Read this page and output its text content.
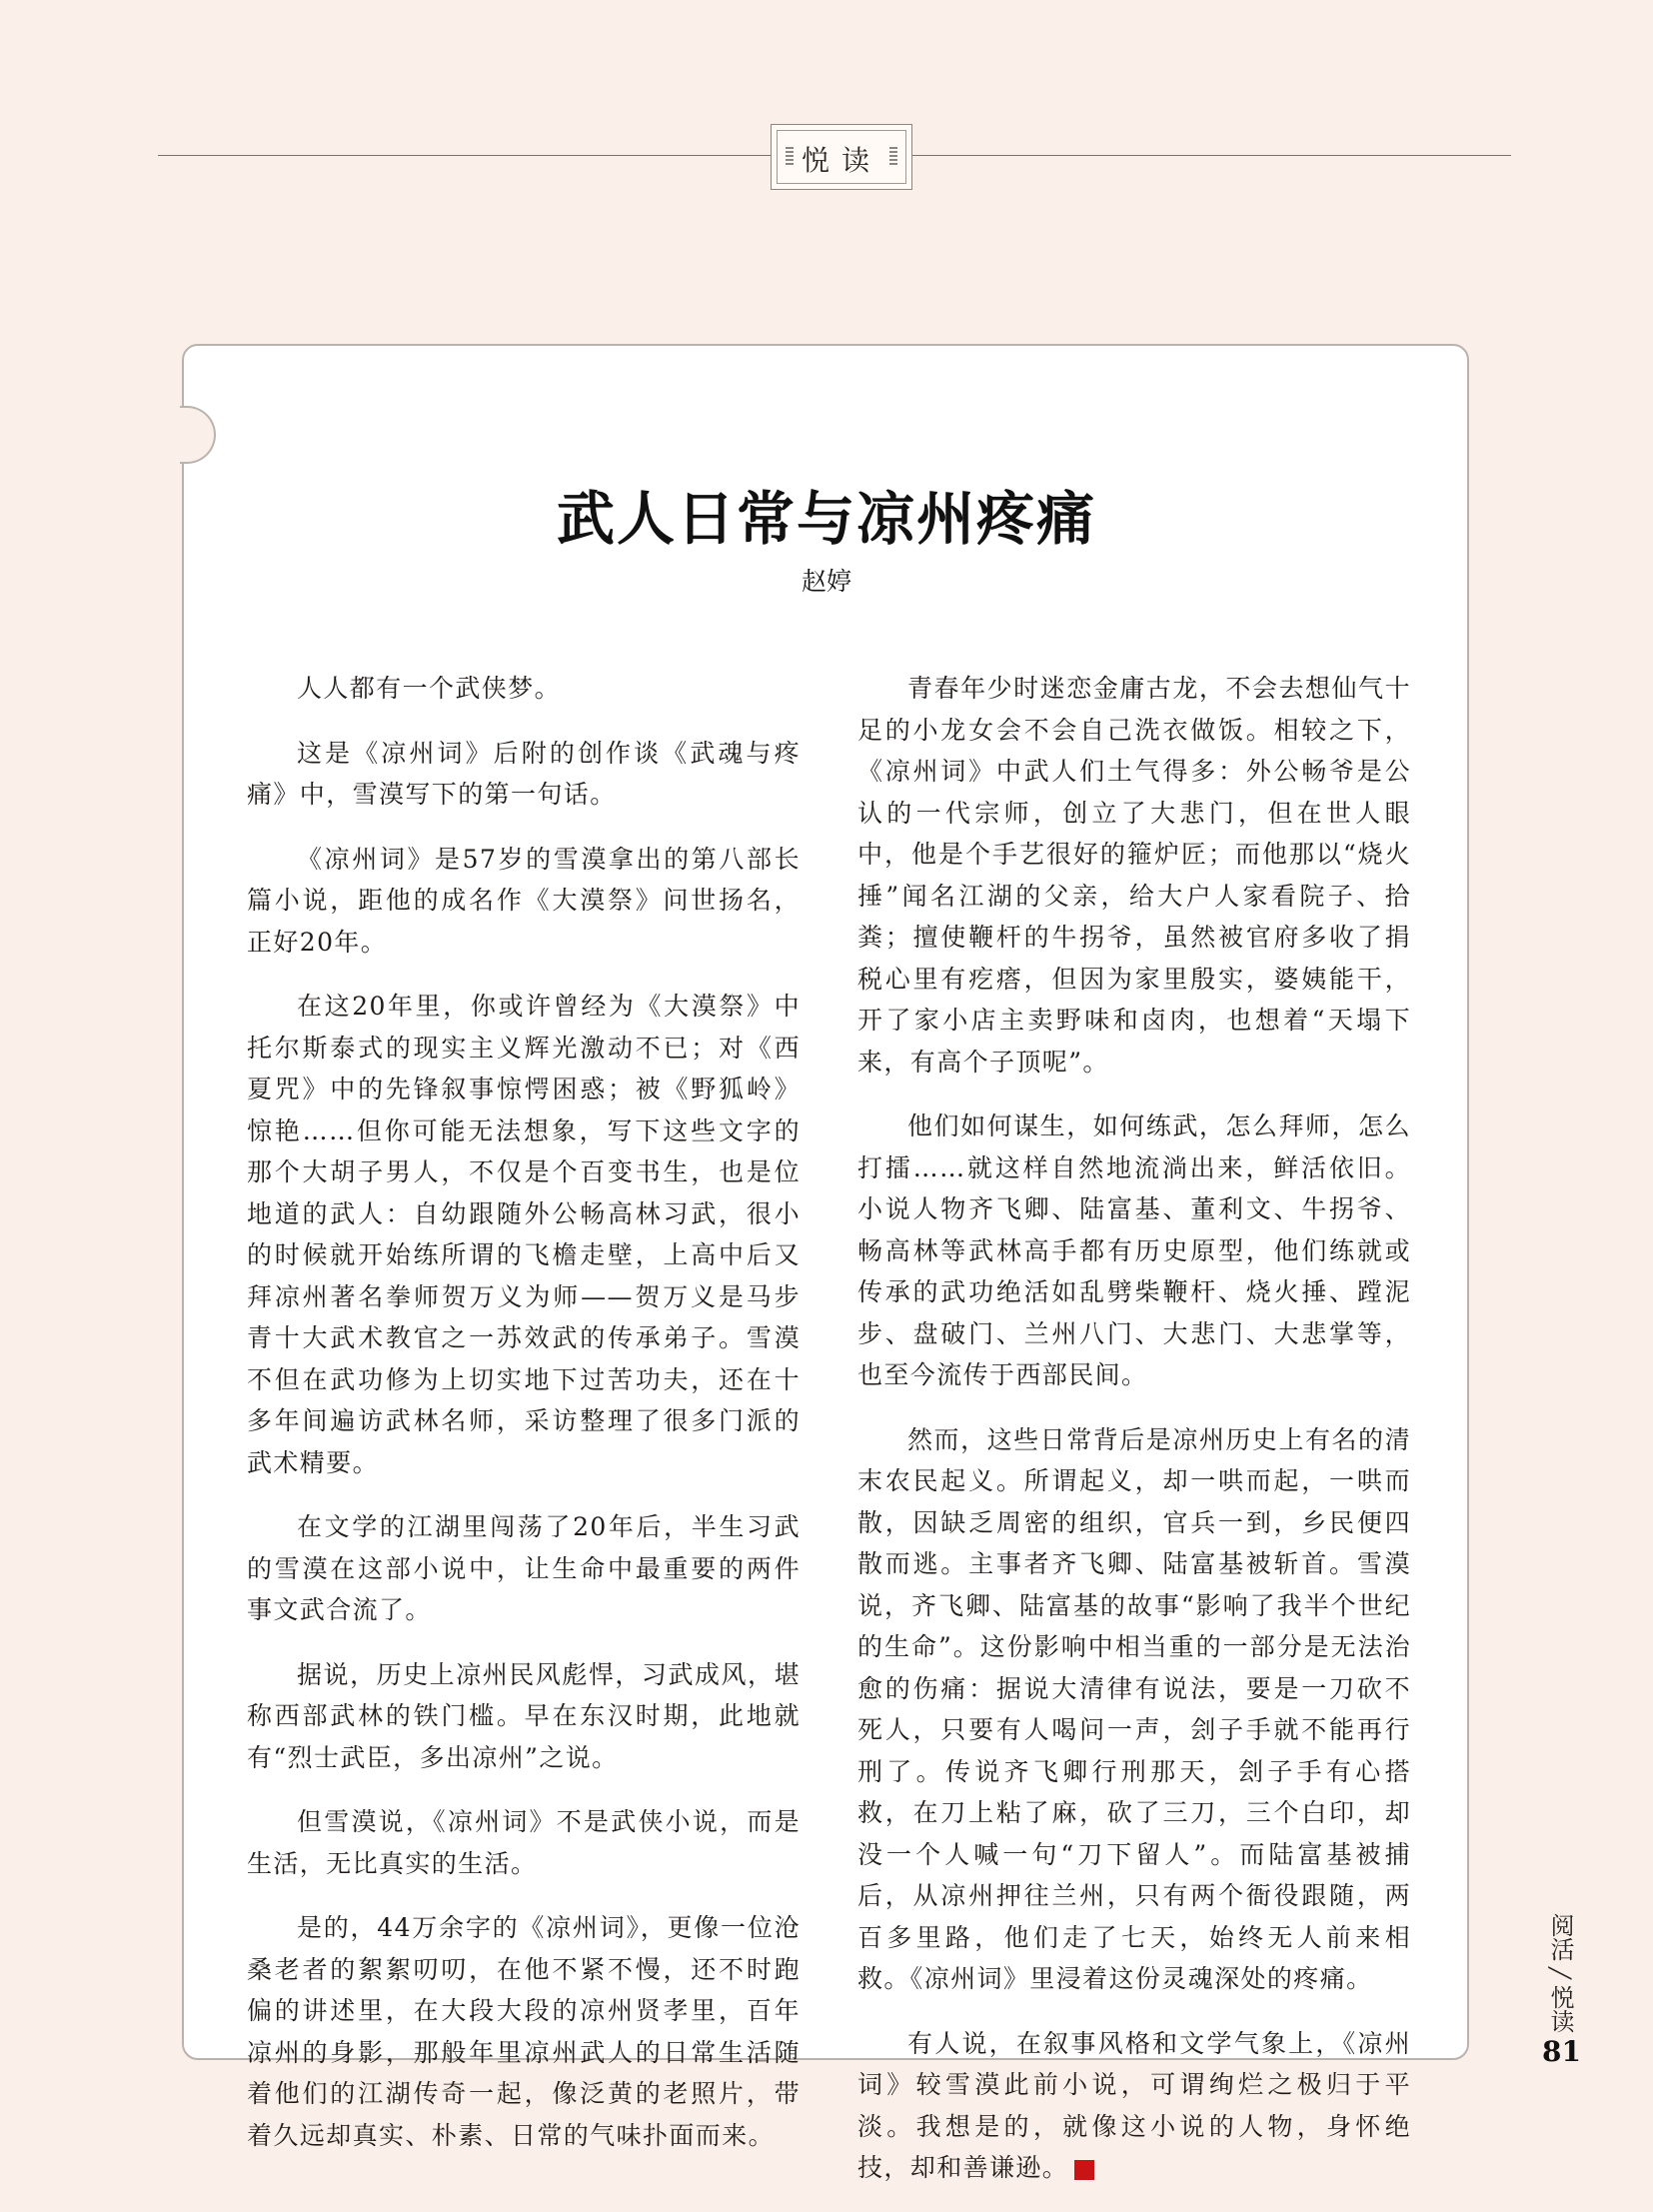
悦读
武人日常与凉州疼痛
赵婷

人人都有一个武侠梦。

这是《凉州词》后附的创作谈《武魂与疼痛》中，雪漠写下的第一句话。

《凉州词》是57岁的雪漠拿出的第八部长篇小说，距他的成名作《大漠祭》问世扬名，正好20年。

在这20年里，你或许曾经为《大漠祭》中托尔斯泰式的现实主义辉光激动不已；对《西夏咒》中的先锋叙事惊愕困惑；被《野狐岭》惊艳……但你可能无法想象，写下这些文字的那个大胡子男人，不仅是个百变书生，也是位地道的武人：自幼跟随外公畅高林习武，很小的时候就开始练所谓的飞檐走壁，上高中后又拜凉州著名拳师贺万义为师——贺万义是马步青十大武术教官之一苏效武的传承弟子。雪漠不但在武功修为上切实地下过苦功夫，还在十多年间遍访武林名师，采访整理了很多门派的武术精要。

在文学的江湖里闯荡了20年后，半生习武的雪漠在这部小说中，让生命中最重要的两件事文武合流了。

据说，历史上凉州民风彪悍，习武成风，堪称西部武林的铁门槛。早在东汉时期，此地就有“烈士武臣，多出凉州”之说。

但雪漠说，《凉州词》不是武侠小说，而是生活，无比真实的生活。

是的，44万余字的《凉州词》，更像一位沧桑老者的絮絮叨叨，在他不紧不慢，还不时跑偏的讲述里，在大段大段的凉州贤孝里，百年凉州的身影，那般年里凉州武人的日常生活随着他们的江湖传奇一起，像泛黄的老照片，带着久远却真实、朴素、日常的气味扑面而来。

青春年少时迷恋金庸古龙，不会去想仙气十足的小龙女会不会自己洗衣做饭。相较之下，《凉州词》中武人们土气得多：外公畅爷是公认的一代宗师，创立了大悲门，但在世人眼中，他是个手艺很好的箍炉匠；而他那以“烧火捶”闻名江湖的父亲，给大户人家看院子、拾粪；擅使鞭杆的牛拐爷，虽然被官府多收了捐税心里有疙瘩，但因为家里殷实，婆姨能干，开了家小店主卖野味和卤肉，也想着“天塌下来，有高个子顶呢”。

他们如何谋生，如何练武，怎么拜师，怎么打擂……就这样自然地流淌出来，鲜活依旧。小说人物齐飞卿、陆富基、董利文、牛拐爷、畅高林等武林高手都有历史原型，他们练就或传承的武功绝活如乱劈柴鞭杆、烧火捶、蹚泥步、盘破门、兰州八门、大悲门、大悲掌等，也至今流传于西部民间。

然而，这些日常背后是凉州历史上有名的清末农民起义。所谓起义，却一哄而起，一哄而散，因缺乏周密的组织，官兵一到，乡民便四散而逃。主事者齐飞卿、陆富基被斩首。雪漠说，齐飞卿、陆富基的故事“影响了我半个世纪的生命”。这份影响中相当重的一部分是无法治愈的伤痛：据说大清律有说法，要是一刀砍不死人，只要有人喝问一声，刽子手就不能再行刑了。传说齐飞卿行刑那天，刽子手有心搭救，在刀上粘了麻，砍了三刀，三个白印，却没一个人喊一句“刀下留人”。而陆富基被捕后，从凉州押往兰州，只有两个衙役跟随，两百多里路，他们走了七天，始终无人前来相救。《凉州词》里浸着这份灵魂深处的疼痛。

有人说，在叙事风格和文学气象上，《凉州词》较雪漠此前小说，可谓绚烂之极归于平淡。我想是的，就像这小说的人物，身怀绝技，却和善谦逊。

阅活╱悦读
81
